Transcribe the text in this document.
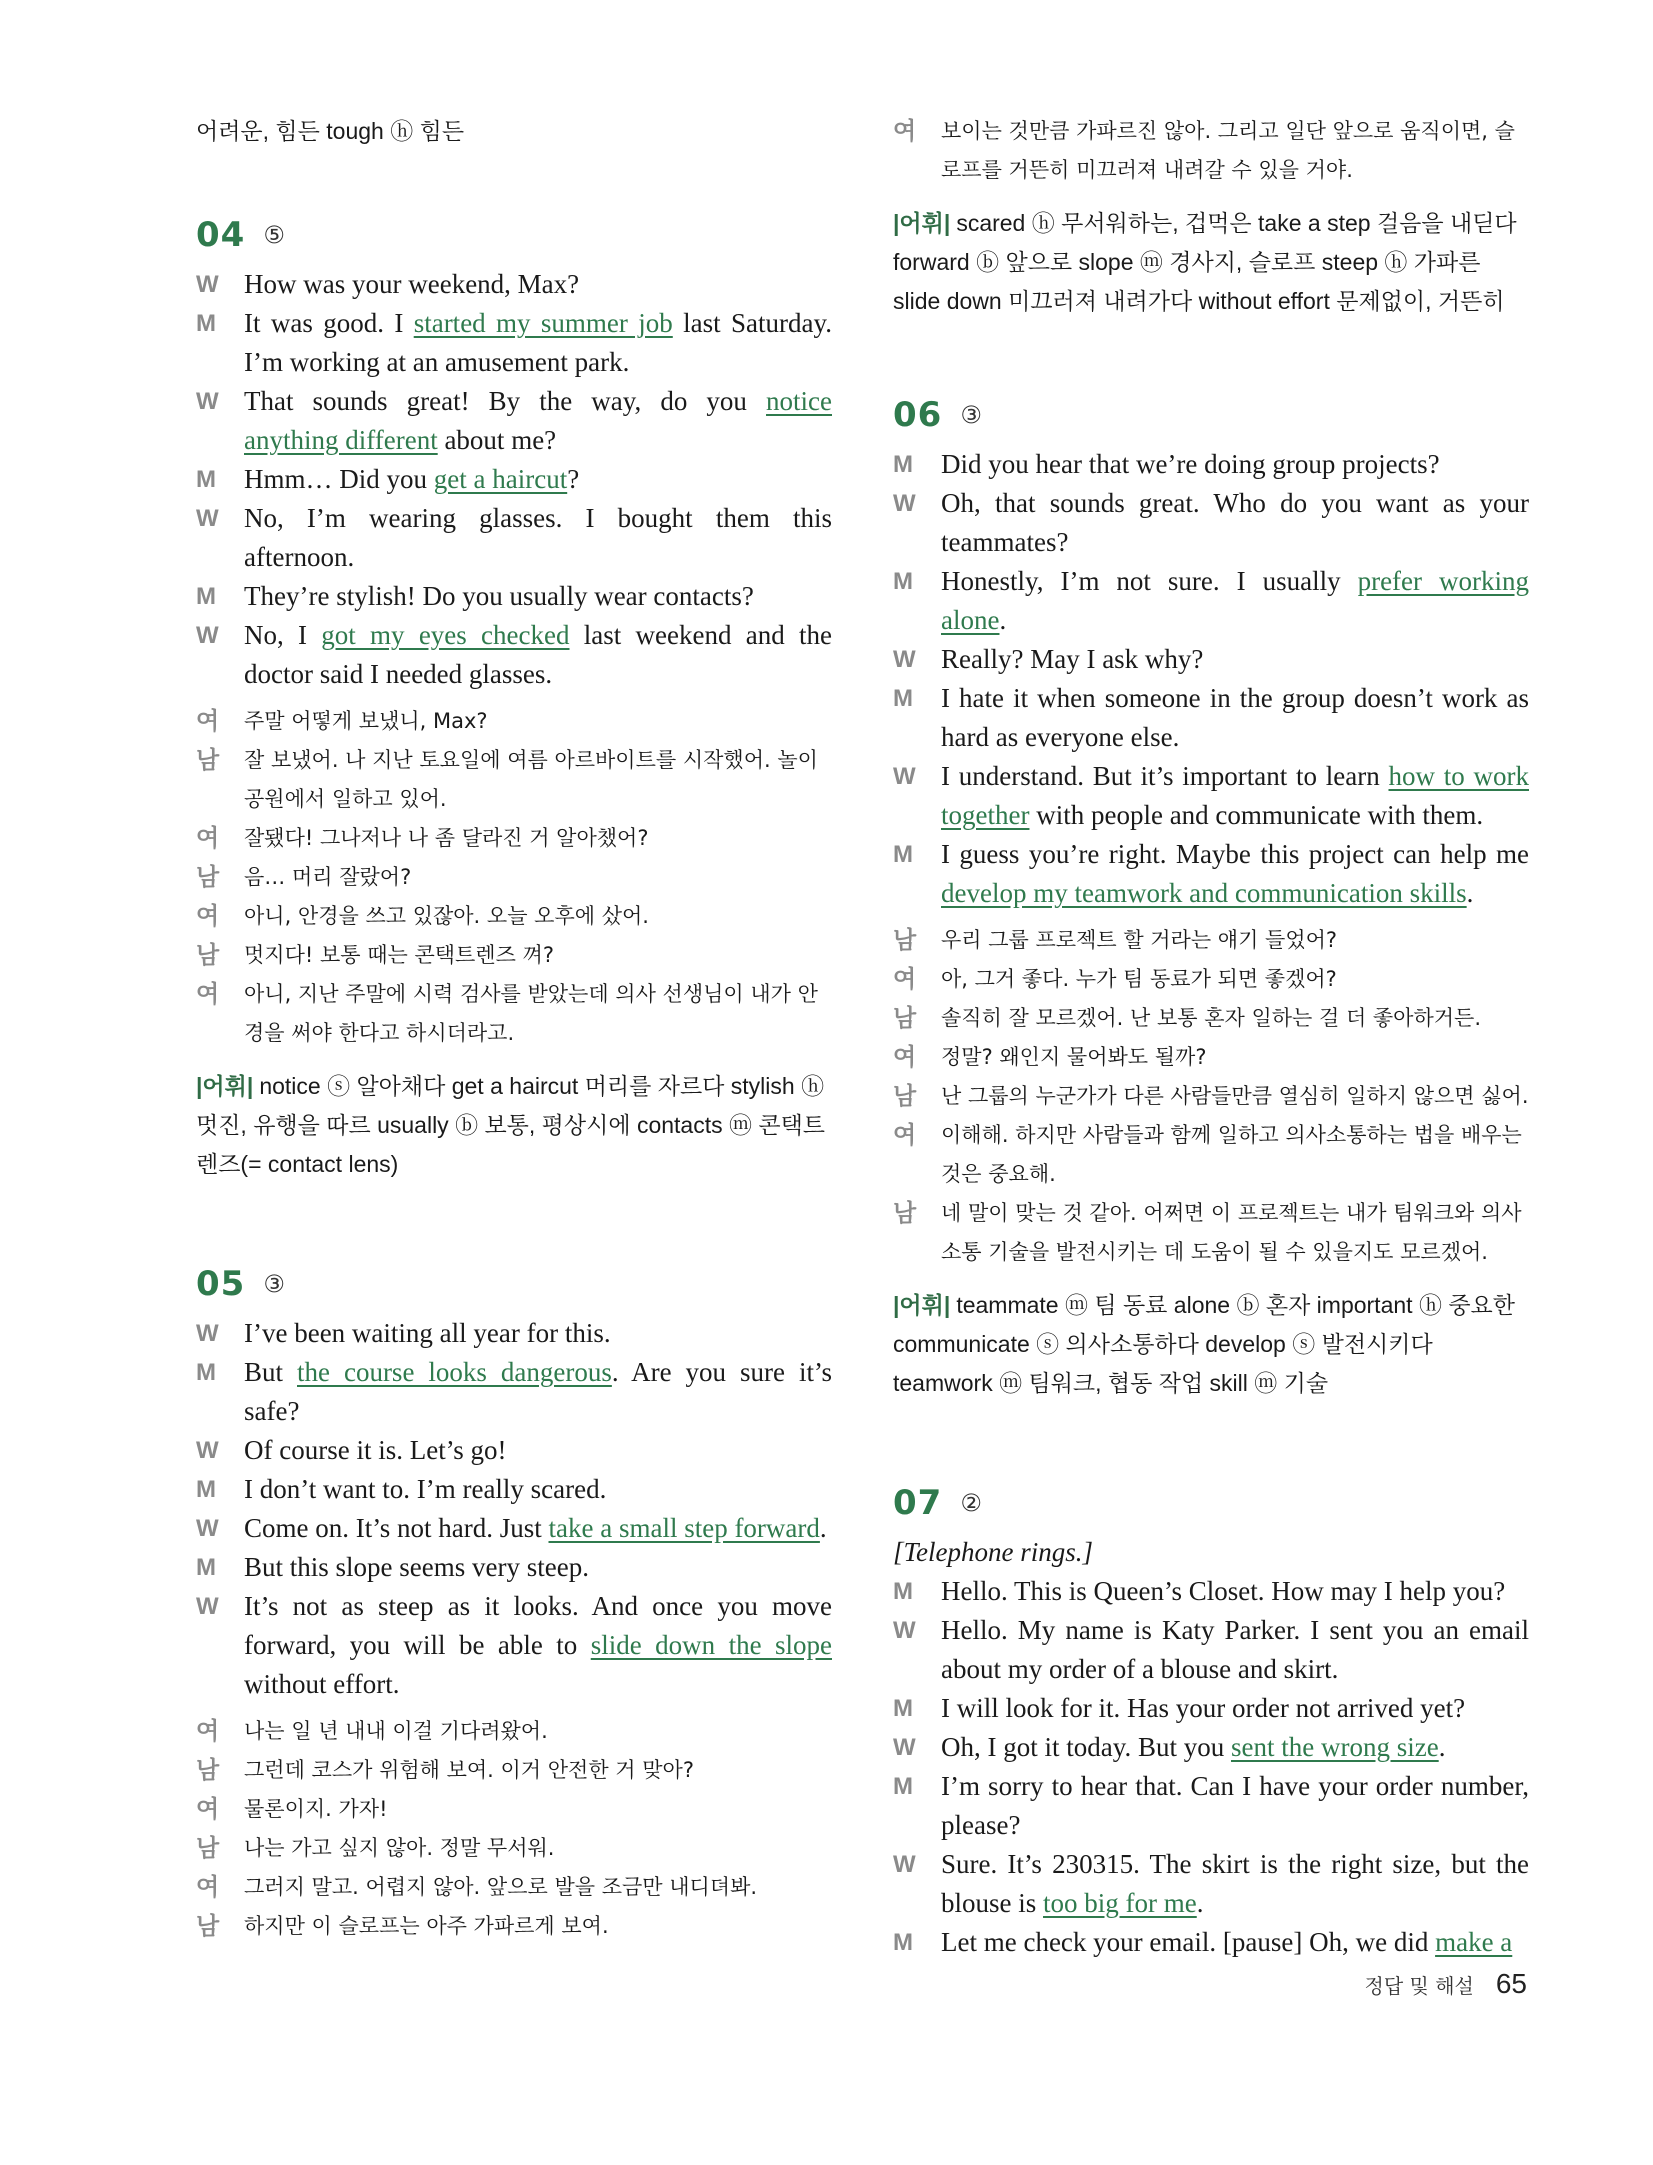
어려운, 힘든 tough ⓗ 힘든

04 ⑤
W How was your weekend, Max?
M	It was good. I started my summer job last Saturday. I’m working at an amusement park.
W That sounds great! By the way, do you notice anything different about me?
M	Hmm… Did you get a haircut?
W No, I’m wearing glasses. I bought them this afternoon.
M	They’re stylish! Do you usually wear contacts?
W No, I got my eyes checked last weekend and the doctor said I needed glasses.
여	주말 어떻게 보냈니, Max?
남	잘 보냈어. 나 지난 토요일에 여름 아르바이트를 시작했어. 놀이공원에서 일하고 있어.
여	잘됐다! 그나저나 나 좀 달라진 거 알아챘어?
남	음… 머리 잘랐어?
여	아니, 안경을 쓰고 있잖아. 오늘 오후에 샀어.
남	멋지다! 보통 때는 콘택트렌즈 껴?
여	아니, 지난 주말에 시력 검사를 받았는데 의사 선생님이 내가 안경을 써야 한다고 하시더라고.

|어휘| notice ⓢ 알아채다 get a haircut 머리를 자르다 stylish ⓗ 멋진, 유행을 따르 usually ⓑ 보통, 평상시에 contacts ⓜ 콘택트렌즈(= contact lens)

05 ③
W I’ve been waiting all year for this.
M	But the course looks dangerous. Are you sure it’s safe?
W Of course it is. Let’s go!
M	I don’t want to. I’m really scared.
W Come on. It’s not hard. Just take a small step forward.
M	But this slope seems very steep.
W It’s not as steep as it looks. And once you move forward, you will be able to slide down the slope without effort.
여	나는 일 년 내내 이걸 기다려왔어.
남	그런데 코스가 위험해 보여. 이거 안전한 거 맞아?
여	물론이지. 가자!
남	나는 가고 싶지 않아. 정말 무서워.
여	그러지 말고. 어렵지 않아. 앞으로 발을 조금만 내디뎌봐.
남	하지만 이 슬로프는 아주 가파르게 보여.
여	보이는 것만큼 가파르진 않아. 그리고 일단 앞으로 움직이면, 슬로프를 거뜬히 미끄러져 내려갈 수 있을 거야.

|어휘| scared ⓗ 무서워하는, 겁먹은 take a step 걸음을 내딛다 forward ⓑ 앞으로 slope ⓜ 경사지, 슬로프 steep ⓗ 가파른 slide down 미끄러져 내려가다 without effort 문제없이, 거뜬히

06 ③
M	Did you hear that we’re doing group projects?
W Oh, that sounds great. Who do you want as your teammates?
M	Honestly, I’m not sure. I usually prefer working alone.
W Really? May I ask why?
M	I hate it when someone in the group doesn’t work as hard as everyone else.
W I understand. But it’s important to learn how to work together with people and communicate with them.
M	I guess you’re right. Maybe this project can help me develop my teamwork and communication skills.
남	우리 그룹 프로젝트 할 거라는 얘기 들었어?
여	아, 그거 좋다. 누가 팀 동료가 되면 좋겠어?
남	솔직히 잘 모르겠어. 난 보통 혼자 일하는 걸 더 좋아하거든.
여	정말? 왜인지 물어봐도 될까?
남	난 그룹의 누군가가 다른 사람들만큼 열심히 일하지 않으면 싫어.
여	이해해. 하지만 사람들과 함께 일하고 의사소통하는 법을 배우는 것은 중요해.
남	네 말이 맞는 것 같아. 어쩌면 이 프로젝트는 내가 팀워크와 의사소통 기술을 발전시키는 데 도움이 될 수 있을지도 모르겠어.

|어휘| teammate ⓜ 팀 동료 alone ⓑ 혼자 important ⓗ 중요한 communicate ⓢ 의사소통하다 develop ⓢ 발전시키다 teamwork ⓜ 팀워크, 협동 작업 skill ⓜ 기술

07 ②

[Telephone rings.]

M	Hello. This is Queen’s Closet. How may I help you?
W Hello. My name is Katy Parker. I sent you an email about my order of a blouse and skirt.
M	I will look for it. Has your order not arrived yet?
W Oh, I got it today. But you sent the wrong size.
M	I’m sorry to hear that. Can I have your order number, please?
W Sure. It’s 230315. The skirt is the right size, but the blouse is too big for me.
M	Let me check your email. [pause] Oh, we did make a
정답 및 해설 65
